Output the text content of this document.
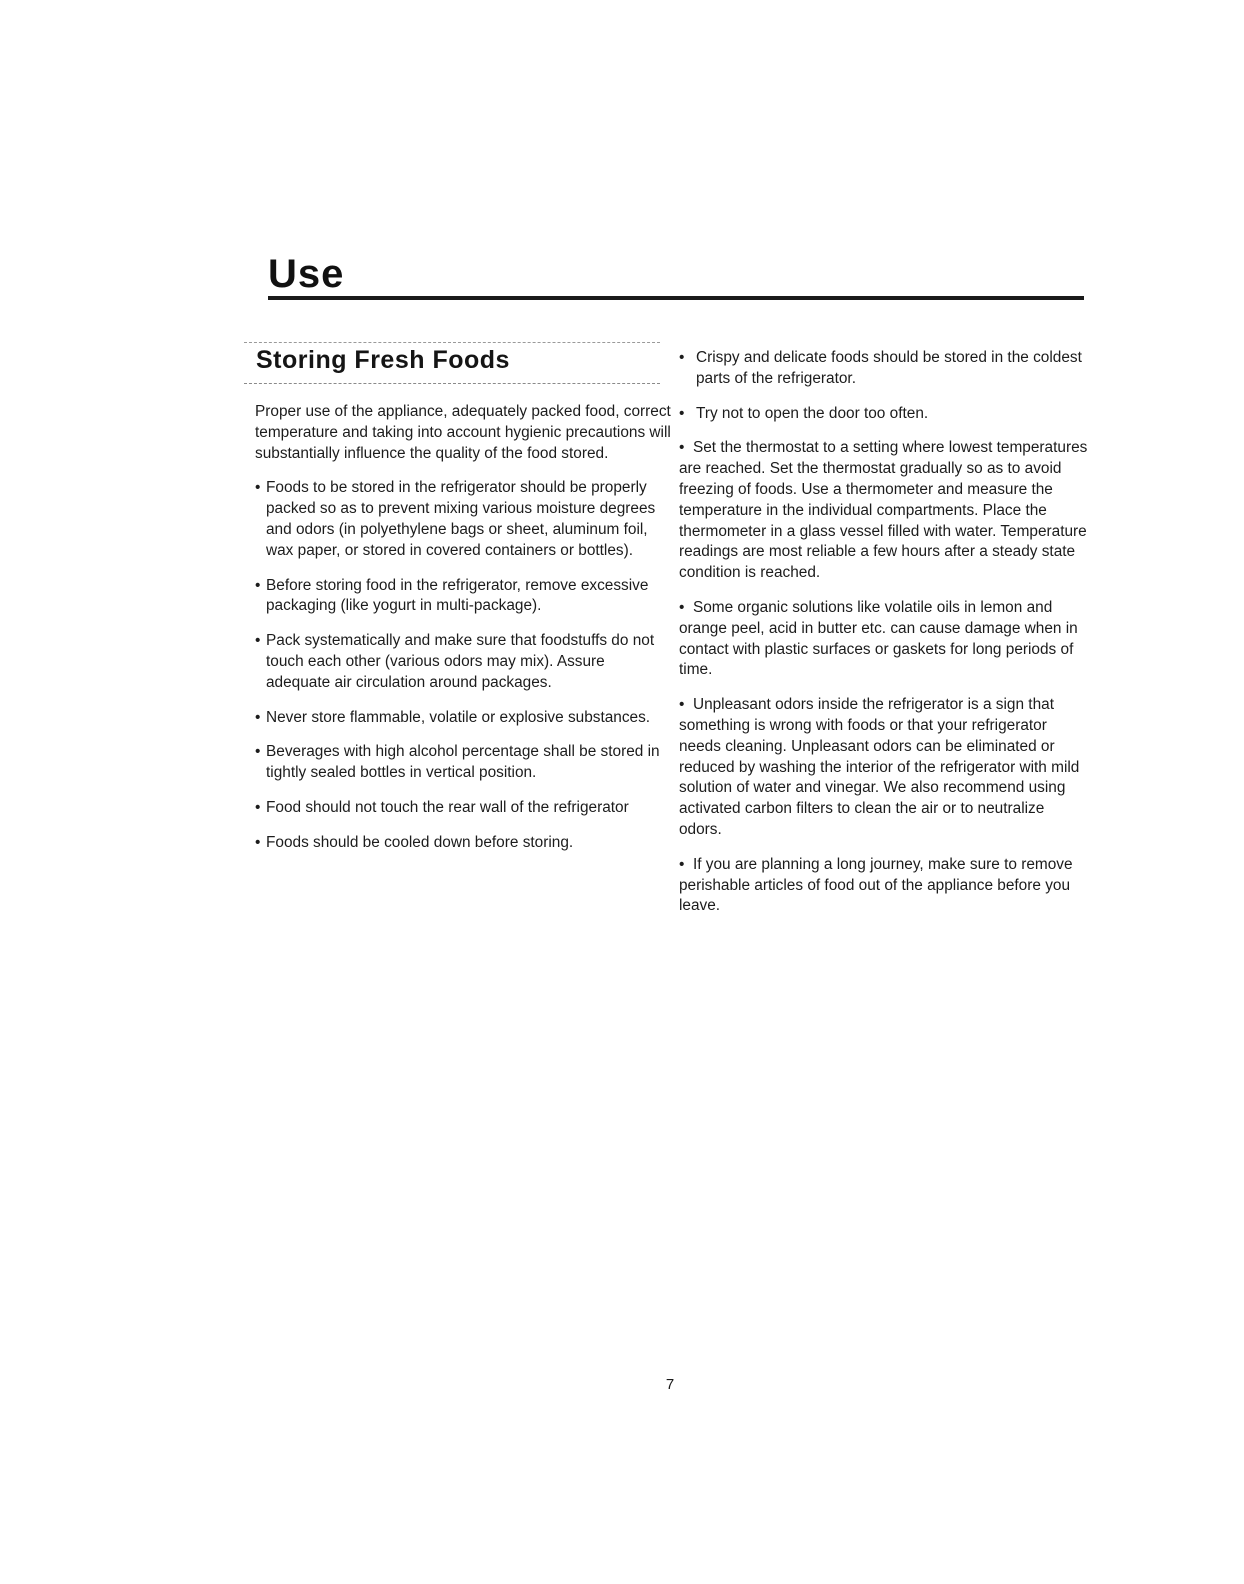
Use
Storing Fresh Foods

Proper use of the appliance, adequately packed food, correct temperature and taking into account hygienic precautions will substantially influence the quality of the food stored.

• Foods to be stored in the refrigerator should be properly packed so as to prevent mixing various moisture degrees and odors (in polyethylene bags or sheet, aluminum foil, wax paper, or stored in covered containers or bottles).
• Before storing food in the refrigerator, remove excessive packaging (like yogurt in multi-package).
• Pack systematically and make sure that foodstuffs do not touch each other (various odors may mix). Assure adequate air circulation around packages.
• Never store flammable, volatile or explosive substances.
• Beverages with high alcohol percentage shall be stored in tightly sealed bottles in vertical position.
• Food should not touch the rear wall of the refrigerator
• Foods should be cooled down before storing.
• Crispy and delicate foods should be stored in the coldest parts of the refrigerator.
• Try not to open the door too often.
•  Set the thermostat to a setting where lowest temperatures are reached. Set the thermostat gradually so as to avoid freezing of foods. Use a thermometer and measure the temperature in the individual compartments. Place the thermometer in a glass vessel filled with water. Temperature readings are most reliable a few hours after a steady state condition is reached.
•  Some organic solutions like volatile oils in lemon and orange peel, acid in butter etc. can cause damage when in contact with plastic surfaces or gaskets for long periods of time.
•  Unpleasant odors inside the refrigerator is a sign that something is wrong with foods or that your refrigerator needs cleaning. Unpleasant odors can be eliminated or reduced by washing the interior of the refrigerator with mild solution of water and vinegar. We also recommend using activated carbon filters to clean the air or to neutralize odors.
•  If you are planning a long journey, make sure to remove perishable articles of food out of the appliance before you leave.
7
